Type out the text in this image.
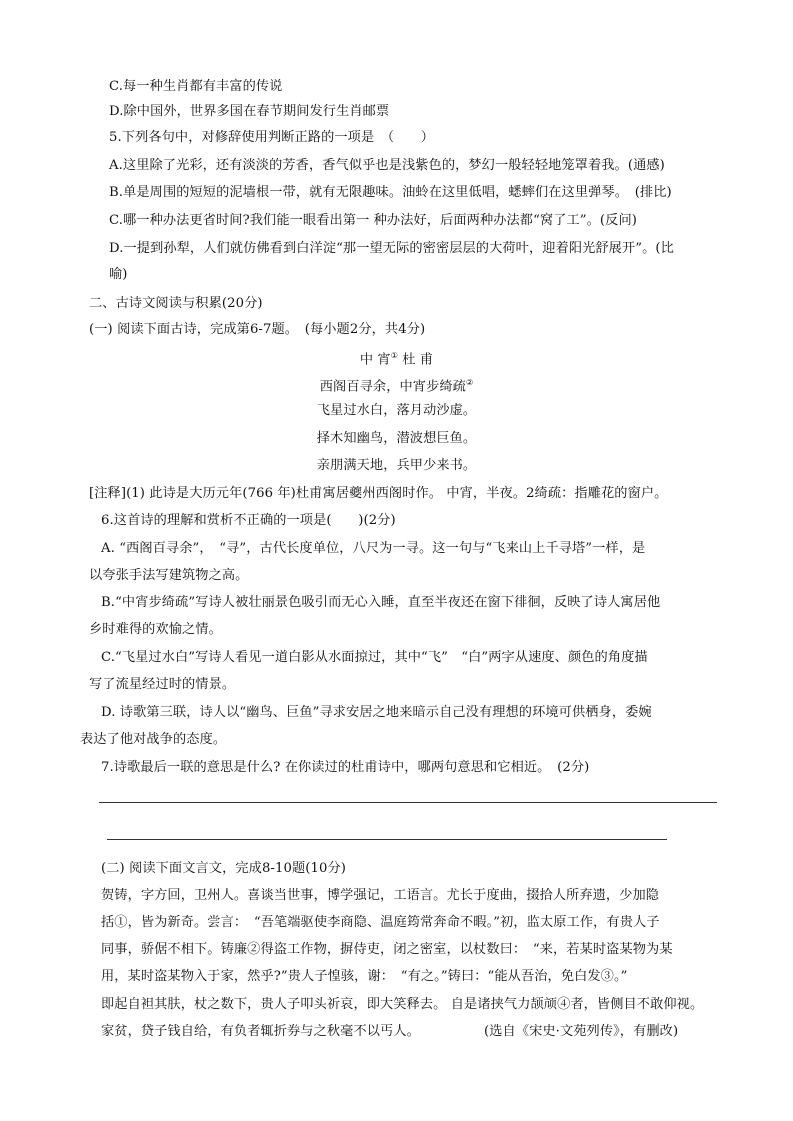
C.每一种生肖都有丰富的传说
D.除中国外，世界多国在春节期间发行生肖邮票
5.下列各句中，对修辞使用判断正路的一项是　（　　）
A.这里除了光彩，还有淡淡的芳香，香气似乎也是浅紫色的，梦幻一般轻轻地笼罩着我。(通感)
B.单是周围的短短的泥墙根一带，就有无限趣味。油蛉在这里低唱，蟋蟀们在这里弹琴。　(排比)
C.哪一种办法更省时间?我们能一眼看出第一 种办法好，后面两种办法都“窝了工”。(反问)
D.一提到孙犁，人们就仿佛看到白洋淀“那一望无际的密密层层的大荷叶，迎着阳光舒展开”。(比
喻)
二、古诗文阅读与积累(20分)
(一) 阅读下面古诗，完成第6-7题。　(每小题2分，共4分)
中 宵① 杜 甫
西阁百寻余，中宵步绮疏②
飞星过水白，落月动沙虚。
择木知幽鸟，潜波想巨鱼。
亲朋满天地，兵甲少来书。
[注释](1) 此诗是大历元年(766 年)杜甫寓居夔州西阁时作。 中宵，半夜。2绮疏：指雕花的窗户。
6.这首诗的理解和赏析不正确的一项是(　　)(2分)
A. “西阁百寻余”，　“寻”，古代长度单位，八尺为一寻。这一句与“飞来山上千寻塔”一样，是
以夸张手法写建筑物之高。
B.“中宵步绮疏”写诗人被壮丽景色吸引而无心入睡，直至半夜还在窗下徘徊，反映了诗人寓居他
乡时难得的欢愉之情。
C.“飞星过水白”写诗人看见一道白影从水面掠过，其中“飞”　“白”两字从速度、颜色的角度描
写了流星经过时的情景。
D. 诗歌第三联，诗人以“幽鸟、巨鱼”寻求安居之地来暗示自己没有理想的环境可供栖身，委婉
表达了他对战争的态度。
7.诗歌最后一联的意思是什么? 在你读过的杜甫诗中，哪两句意思和它相近。　(2分)
(二) 阅读下面文言文，完成8-10题(10分)
贺铸，字方回，卫州人。喜谈当世事，博学强记，工语言。尤长于度曲，掇拾人所弃遗，少加隐
括①，皆为新奇。尝言：　“吾笔端驱使李商隐、温庭筠常奔命不暇。”初，监太原工作，有贵人子
同事，骄倨不相下。铸廉②得盗工作物，摒侍吏，闭之密室，以杖数曰：　“来，若某时盗某物为某
用，某时盗某物入于家，然乎?”贵人子惶骇，谢：　“有之。”铸曰：“能从吾治，免白发③。”
即起自袒其肤，杖之数下，贵人子叩头祈哀，即大笑释去。 自是诸挟气力颉颃④者，皆侧目不敢仰视。
家贫，贷子钱自给，有负者辄折券与之秋毫不以丐人。	(选自《宋史·文苑列传》，有删改)
